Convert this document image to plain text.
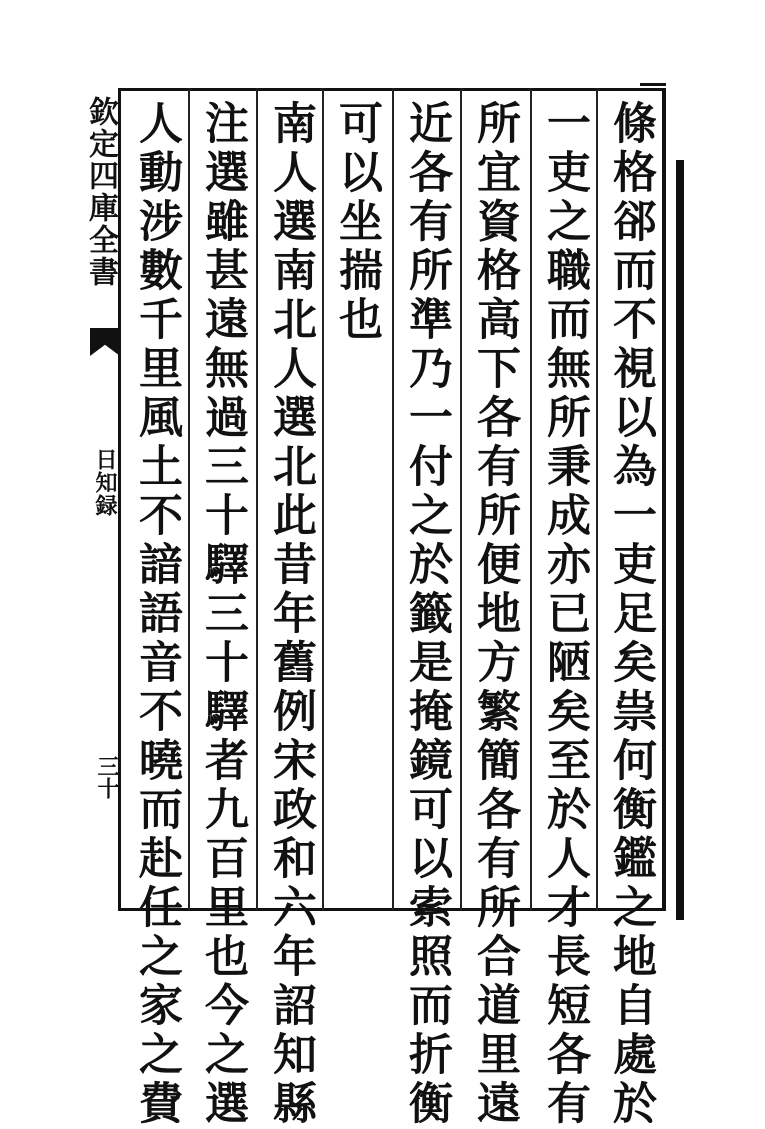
條格郤而不視以為一吏足矣祟何衡鑑之地自處於
一吏之職而無所秉成亦已陋矣至於人才長短各有
所宜資格高下各有所便地方繁簡各有所合道里遠
近各有所準乃一付之於籤是掩鏡可以索照而折衡
可以坐揣也
南人選南北人選北此昔年舊例宋政和六年詔知縣
注選雖甚遠無過三十驛三十驛者九百里也今之選
人動涉數千里風土不諳語音不曉而赴任之家之費
欽定四庫全書
日知録
三十
